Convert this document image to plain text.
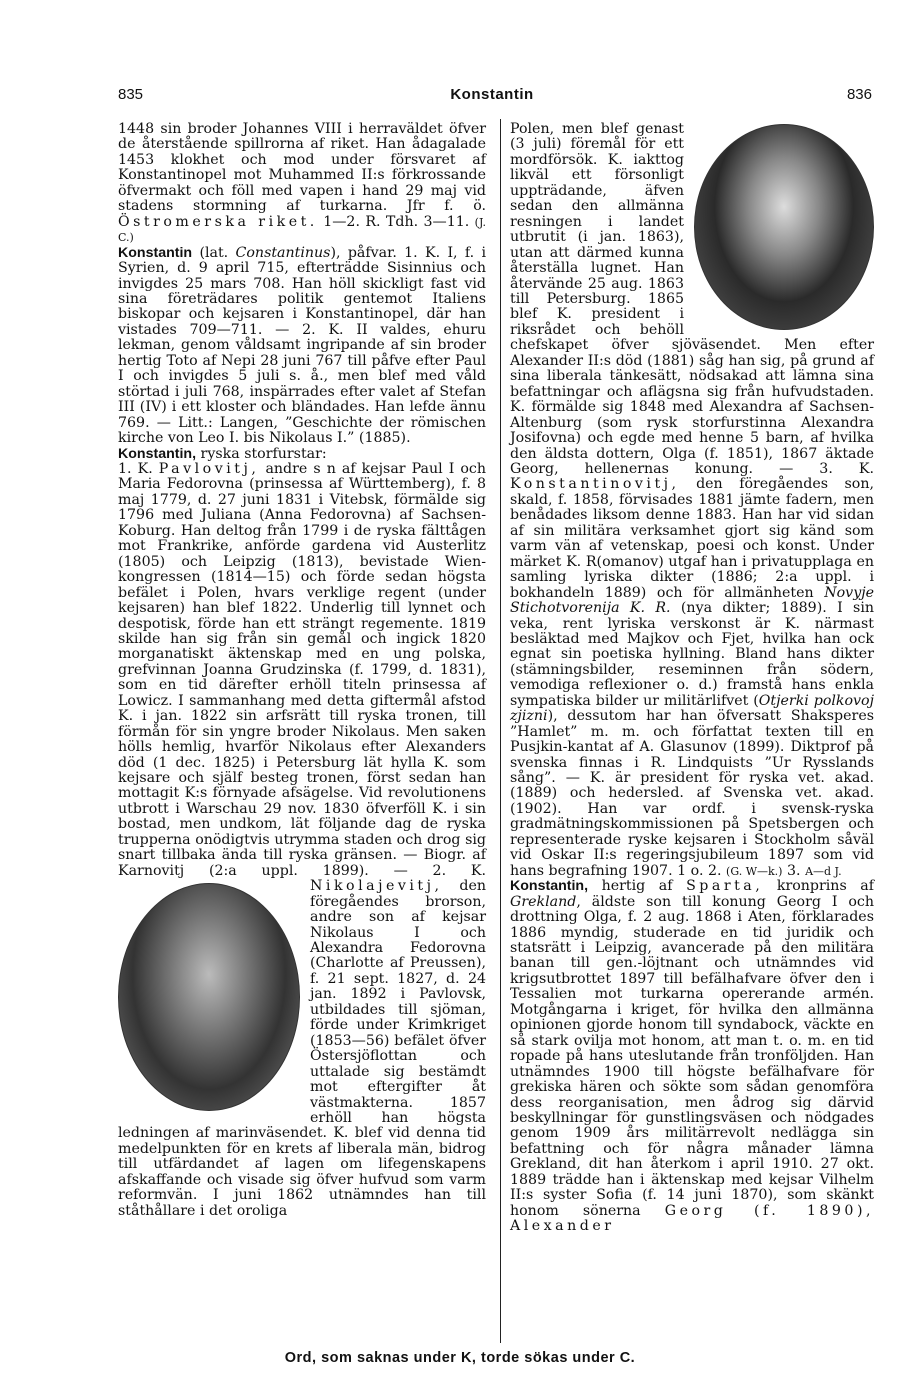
835	Konstantin	836

1448 sin broder Johannes VIII i herraväldet öfver de återstående spillrorna af riket. Han ådagalade 1453 klokhet och mod under försvaret af Konstantinopel mot Muhammed II:s förkrossande öfvermakt och föll med vapen i hand 29 maj vid stadens stormning af turkarna. Jfr f. ö. Östromerska riket. 1—2. R. Tdh. 3—11. (J. C.)

Konstantin (lat. Constantinus), påfvar. 1. K. I, f. i Syrien, d. 9 april 715, efterträdde Sisinnius och invigdes 25 mars 708. Han höll skickligt fast vid sina företrädares politik gentemot Italiens biskopar och kejsaren i Konstantinopel, där han vistades 709—711. — 2. K. II valdes, ehuru lekman, genom våldsamt ingripande af sin broder hertig Toto af Nepi 28 juni 767 till påfve efter Paul I och invigdes 5 juli s. å., men blef med våld störtad i juli 768, inspärrades efter valet af Stefan III (IV) i ett kloster och bländades. Han lefde ännu 769. — Litt.: Langen, ”Geschichte der römischen kirche von Leo I. bis Nikolaus I.” (1885).

Konstantin, ryska storfurstar:

1. K. Pavlovitj, andre s n af kejsar Paul I och Maria Fedorovna (prinsessa af Württemberg), f. 8 maj 1779, d. 27 juni 1831 i Vitebsk, förmälde sig 1796 med Juliana (Anna Fedorovna) af Sachsen-Koburg. Han deltog från 1799 i de ryska fälttågen mot Frankrike, anförde gardena vid Austerlitz (1805) och Leipzig (1813), bevistade Wien-kongressen (1814—15) och förde sedan högsta befälet i Polen, hvars verklige regent (under kejsaren) han blef 1822. Underlig till lynnet och despotisk, förde han ett strängt regemente. 1819 skilde han sig från sin gemål och ingick 1820 morganatiskt äktenskap med en ung polska, grefvinnan Joanna Grudzinska (f. 1799, d. 1831), som en tid därefter erhöll titeln prinsessa af Lowicz. I sammanhang med detta giftermål afstod K. i jan. 1822 sin arfsrätt till ryska tronen, till förmån för sin yngre broder Nikolaus. Men saken hölls hemlig, hvarför Nikolaus efter Alexanders död (1 dec. 1825) i Petersburg lät hylla K. som kejsare och själf besteg tronen, först sedan han mottagit K:s förnyade afsägelse. Vid revolutionens utbrott i Warschau 29 nov. 1830 öfverföll K. i sin bostad, men undkom, lät följande dag de ryska trupperna onödigtvis utrymma staden och drog sig snart tillbaka ända till ryska gränsen. — Biogr. af Karnovitj (2:a uppl. 1899). — 2. K.
Nikolajevitj, den föregåendes brorson, andre son af kejsar Nikolaus I och Alexandra Fedorovna (Charlotte af Preussen), f. 21 sept. 1827, d. 24 jan. 1892 i Pavlovsk, utbildades till sjöman, förde under Krimkriget (1853—56) befälet öfver Östersjöflottan och uttalade sig bestämdt mot eftergifter åt västmakterna. 1857 erhöll han högsta ledningen af marinväsendet. K. blef vid denna tid medelpunkten för en krets af liberala män, bidrog till utfärdandet af lagen om lifegenskapens afskaffande och visade sig öfver hufvud som varm reformvän. I juni 1862 utnämndes han till ståthållare i det oroliga

Polen, men blef genast (3 juli) föremål för ett mordförsök. K. iakttog likväl ett försonligt uppträdande, äfven sedan den allmänna resningen i landet utbrutit (i jan. 1863), utan att därmed kunna återställa lugnet. Han återvände 25 aug. 1863 till Petersburg. 1865 blef K. president i riksrådet och behöll chefskapet öfver sjöväsendet. Men efter Alexander II:s död (1881) såg han sig, på grund af sina liberala tänkesätt, nödsakad att lämna sina befattningar och aflägsna sig från hufvudstaden. K. förmälde sig 1848 med Alexandra af Sachsen-Altenburg (som rysk storfurstinna Alexandra Josifovna) och egde med henne 5 barn, af hvilka den äldsta dottern, Olga (f. 1851), 1867 äktade Georg, hellenernas konung. — 3. K. Konstantinovitj, den föregåendes son, skald, f. 1858, förvisades 1881 jämte fadern, men benådades liksom denne 1883. Han har vid sidan af sin militära verksamhet gjort sig känd som varm vän af vetenskap, poesi och konst. Under märket K. R(omanov) utgaf han i privatupplaga en samling lyriska dikter (1886; 2:a uppl. i bokhandeln 1889) och för allmänheten Novyje Stichotvorenija K. R. (nya dikter; 1889). I sin veka, rent lyriska verskonst är K. närmast besläktad med Majkov och Fjet, hvilka han ock egnat sin poetiska hyllning. Bland hans dikter (stämningsbilder, reseminnen från södern, vemodiga reflexioner o. d.) framstå hans enkla sympatiska bilder ur militärlifvet (Otjerki polkovoj zjizni), dessutom har han öfversatt Shaksperes ”Hamlet” m. m. och författat texten till en Pusjkin-kantat af A. Glasunov (1899). Diktprof på svenska finnas i R. Lindquists ”Ur Rysslands sång”. — K. är president för ryska vet. akad. (1889) och hedersled. af Svenska vet. akad. (1902). Han var ordf. i svensk-ryska gradmätningskommissionen på Spetsbergen och representerade ryske kejsaren i Stockholm såväl vid Oskar II:s regeringsjubileum 1897 som vid hans begrafning 1907. 1 o. 2. (G. W—k.) 3. A—d J.

Konstantin, hertig af Sparta, kronprins af Grekland, äldste son till konung Georg I och drottning Olga, f. 2 aug. 1868 i Aten, förklarades 1886 myndig, studerade en tid juridik och statsrätt i Leipzig, avancerade på den militära banan till gen.-löjtnant och utnämndes vid krigsutbrottet 1897 till befälhafvare öfver den i Tessalien mot turkarna opererande armén. Motgångarna i kriget, för hvilka den allmänna opinionen gjorde honom till syndabock, väckte en så stark ovilja mot honom, att man t. o. m. en tid ropade på hans uteslutande från tronföljden. Han utnämndes 1900 till högste befälhafvare för grekiska hären och sökte som sådan genomföra dess reorganisation, men ådrog sig därvid beskyllningar för gunstlingsväsen och nödgades genom 1909 års militärrevolt nedlägga sin befattning och för några månader lämna Grekland, dit han återkom i april 1910. 27 okt. 1889 trädde han i äktenskap med kejsar Vilhelm II:s syster Sofia (f. 14 juni 1870), som skänkt honom sönerna Georg (f. 1890), Alexander

Ord, som saknas under K, torde sökas under C.
